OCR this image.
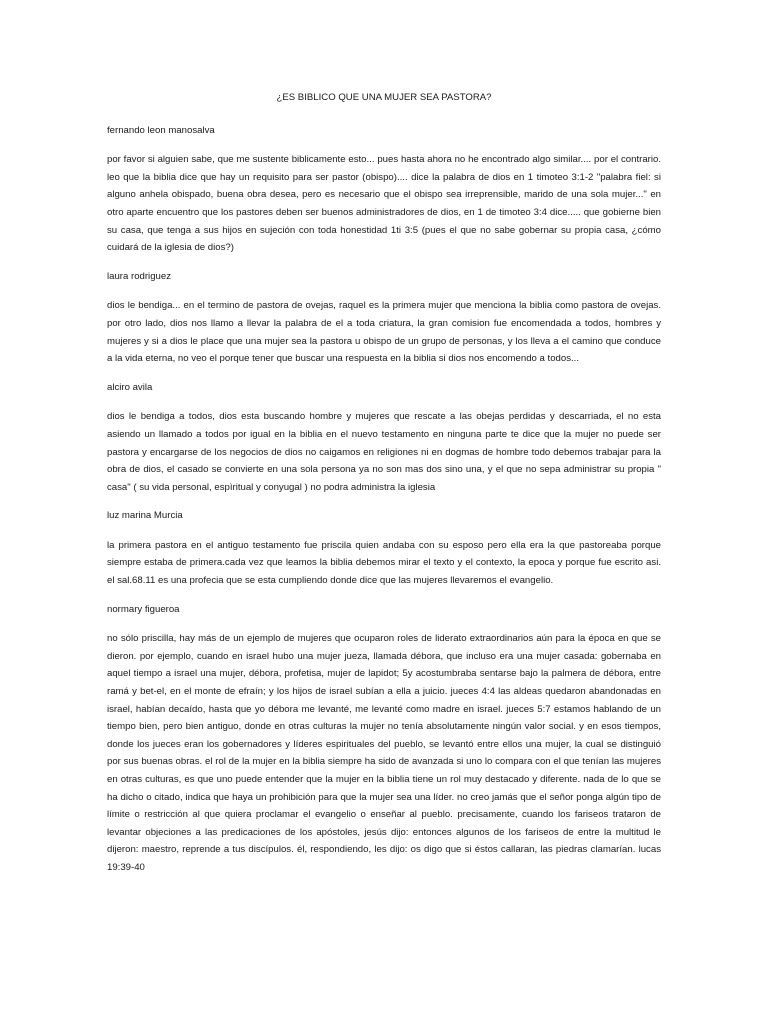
¿ES BIBLICO QUE UNA MUJER SEA PASTORA?
fernando leon manosalva
por favor si alguien sabe, que me sustente biblicamente esto... pues hasta ahora no he encontrado algo similar.... por el contrario. leo que la biblia dice que hay un requisito para ser pastor (obispo).... dice la palabra de dios en 1 timoteo 3:1-2 "palabra fiel: si alguno anhela obispado, buena obra desea, pero es necesario que el obispo sea irreprensible, marido de una sola mujer..." en otro aparte encuentro que los pastores deben ser buenos administradores de dios, en 1 de timoteo 3:4 dice..... que gobierne bien su casa, que tenga a sus hijos en sujeción con toda honestidad 1ti 3:5 (pues el que no sabe gobernar su propia casa, ¿cómo cuidará de la iglesia de dios?)
laura rodriguez
dios le bendiga... en el termino de pastora de ovejas, raquel es la primera mujer que menciona la biblia como pastora de ovejas. por otro lado, dios nos llamo a llevar la palabra de el a toda criatura, la gran comision fue encomendada a todos, hombres y mujeres y si a dios le place que una mujer sea la pastora u obispo de un grupo de personas, y los lleva a el camino que conduce a la vida eterna, no veo el porque tener que buscar una respuesta en la biblia si dios nos encomendo a todos...
alciro avila
dios le bendiga a todos, dios esta buscando hombre y mujeres que rescate a las obejas perdidas y descarriada, el no esta asiendo un llamado a todos por igual en la biblia en el nuevo testamento en ninguna parte te dice que la mujer no puede ser pastora y encargarse de los negocios de dios no caigamos en religiones ni en dogmas de hombre todo debemos trabajar para la obra de dios, el casado se convierte en una sola persona ya no son mas dos sino una, y el que no sepa administrar su propia " casa" ( su vida personal, espìritual y conyugal ) no podra administra la iglesia
luz marina Murcia
la primera pastora en el antiguo testamento fue priscila quien andaba con su esposo pero ella era la que pastoreaba porque siempre estaba de primera.cada vez que leamos la biblia debemos mirar el texto y el contexto, la epoca y porque fue escrito asi. el sal.68.11 es una profecia que se esta cumpliendo donde dice que las mujeres llevaremos el evangelio.
normary figueroa
no sólo priscilla, hay más de un ejemplo de mujeres que ocuparon roles de liderato extraordinarios aún para la época en que se dieron. por ejemplo, cuando en israel hubo una mujer jueza, llamada débora, que incluso era una mujer casada: gobernaba en aquel tiempo a israel una mujer, débora, profetisa, mujer de lapidot; 5y acostumbraba sentarse bajo la palmera de débora, entre ramá y bet-el, en el monte de efraín; y los hijos de israel subían a ella a juicio. jueces 4:4 las aldeas quedaron abandonadas en israel, habían decaído, hasta que yo débora me levanté, me levanté como madre en israel. jueces 5:7 estamos hablando de un tiempo bien, pero bien antiguo, donde en otras culturas la mujer no tenía absolutamente ningún valor social. y en esos tiempos, donde los jueces eran los gobernadores y líderes espirituales del pueblo, se levantó entre ellos una mujer, la cual se distinguió por sus buenas obras. el rol de la mujer en la biblia siempre ha sido de avanzada si uno lo compara con el que tenían las mujeres en otras culturas, es que uno puede entender que la mujer en la biblia tiene un rol muy destacado y diferente. nada de lo que se ha dicho o citado, indica que haya un prohibición para que la mujer sea una líder. no creo jamás que el señor ponga algún tipo de límite o restricción al que quiera proclamar el evangelio o enseñar al pueblo. precisamente, cuando los fariseos trataron de levantar objeciones a las predicaciones de los apóstoles, jesús dijo: entonces algunos de los fariseos de entre la multitud le dijeron: maestro, reprende a tus discípulos. él, respondiendo, les dijo: os digo que si éstos callaran, las piedras clamarían. lucas 19:39-40
